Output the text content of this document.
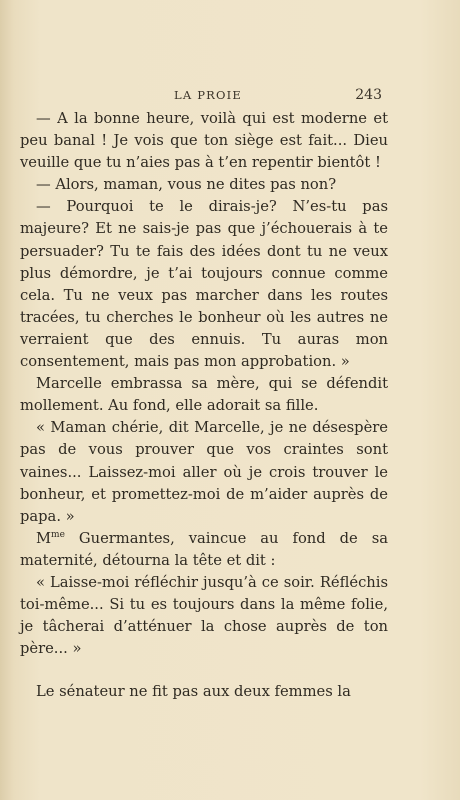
LA PROIE	243

— A la bonne heure, voilà qui est moderne et peu banal ! Je vois que ton siège est fait... Dieu veuille que tu n’aies pas à t’en repentir bientôt !

— Alors, maman, vous ne dites pas non?

— Pourquoi te le dirais-je? N’es-tu pas majeure? Et ne sais-je pas que j’échouerais à te persuader? Tu te fais des idées dont tu ne veux plus démordre, je t’ai toujours connue comme cela. Tu ne veux pas marcher dans les routes tracées, tu cherches le bonheur où les autres ne verraient que des ennuis. Tu auras mon consentement, mais pas mon approbation. »

Marcelle embrassa sa mère, qui se défendit mollement. Au fond, elle adorait sa fille.

« Maman chérie, dit Marcelle, je ne désespère pas de vous prouver que vos craintes sont vaines... Laissez-moi aller où je crois trouver le bonheur, et promettez-moi de m’aider auprès de papa. »

$M^{me}$ Guermantes, vaincue au fond de sa maternité, détourna la tête et dit :

« Laisse-moi réfléchir jusqu’à ce soir. Réfléchis toi-même... Si tu es toujours dans la même folie, je tâcherai d’atténuer la chose auprès de ton père... »

Le sénateur ne fit pas aux deux femmes la
